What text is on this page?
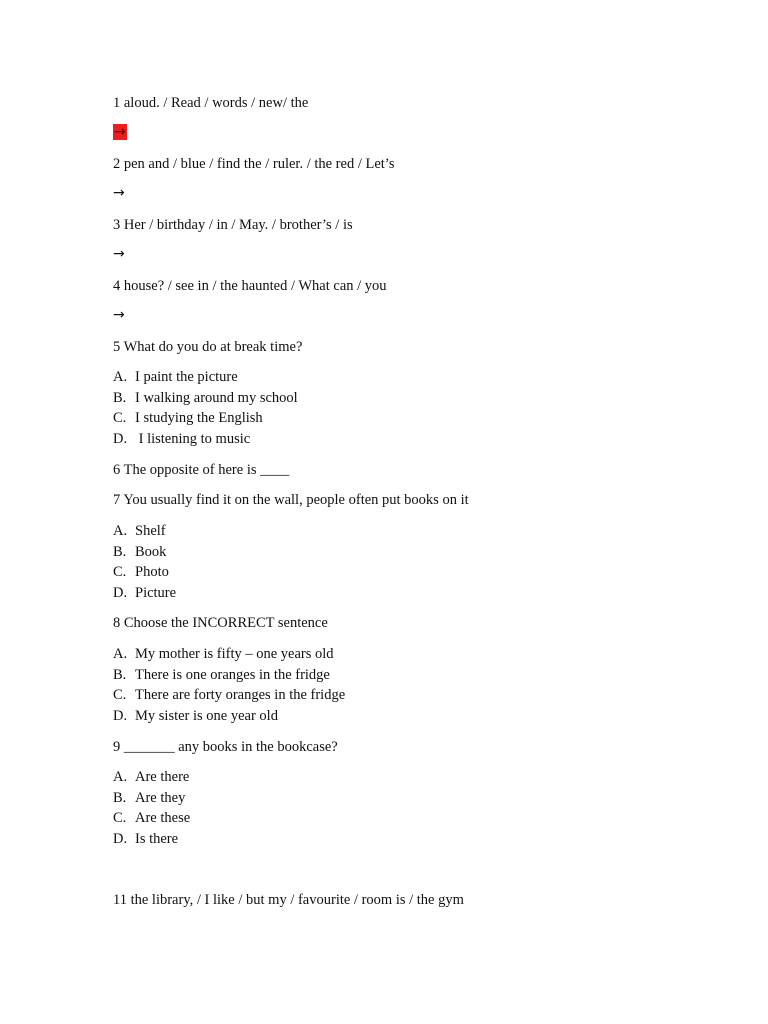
1 aloud. / Read / words / new/ the
→
2 pen and / blue / find the / ruler. / the red / Let’s
→
3 Her / birthday / in / May. / brother’s / is
→
4 house? / see in / the haunted / What can / you
→
5 What do you do at break time?
A. I paint the picture
B. I walking around my school
C. I studying the English
D. I listening to music
6 The opposite of here is ____
7 You usually find it on the wall, people often put books on it
A. Shelf
B. Book
C. Photo
D. Picture
8 Choose the INCORRECT sentence
A. My mother is fifty – one years old
B. There is one oranges in the fridge
C. There are forty oranges in the fridge
D. My sister is one year old
9 _______ any books in the bookcase?
A. Are there
B. Are they
C. Are these
D. Is there
11 the library, / I like / but my / favourite / room is / the gym
